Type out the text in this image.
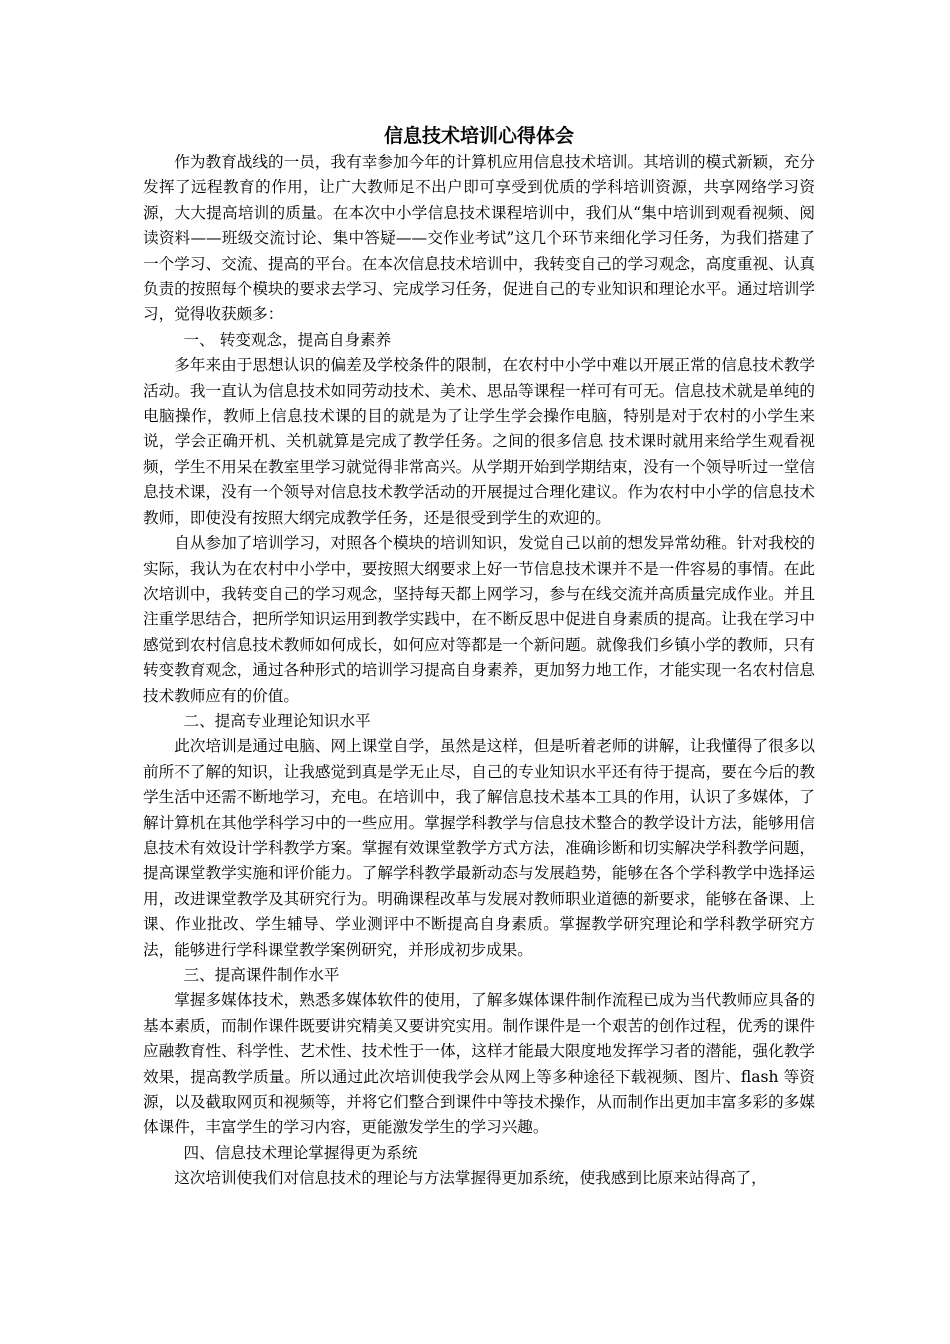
信息技术培训心得体会

作为教育战线的一员，我有幸参加今年的计算机应用信息技术培训。其培训的模式新颖，充分发挥了远程教育的作用，让广大教师足不出户即可享受到优质的学科培训资源，共享网络学习资源，大大提高培训的质量。在本次中小学信息技术课程培训中，我们从“集中培训到观看视频、阅读资料——班级交流讨论、集中答疑——交作业考试”这几个环节来细化学习任务，为我们搭建了一个学习、交流、提高的平台。在本次信息技术培训中，我转变自己的学习观念，高度重视、认真负责的按照每个模块的要求去学习、完成学习任务，促进自己的专业知识和理论水平。通过培训学习，觉得收获颇多：

一、 转变观念，提高自身素养

多年来由于思想认识的偏差及学校条件的限制，在农村中小学中难以开展正常的信息技术教学活动。我一直认为信息技术如同劳动技术、美术、思品等课程一样可有可无。信息技术就是单纯的电脑操作，教师上信息技术课的目的就是为了让学生学会操作电脑，特别是对于农村的小学生来说，学会正确开机、关机就算是完成了教学任务。之间的很多信息 技术课时就用来给学生观看视频，学生不用呆在教室里学习就觉得非常高兴。从学期开始到学期结束，没有一个领导听过一堂信息技术课，没有一个领导对信息技术教学活动的开展提过合理化建议。作为农村中小学的信息技术教师，即使没有按照大纲完成教学任务，还是很受到学生的欢迎的。

自从参加了培训学习，对照各个模块的培训知识，发觉自己以前的想发异常幼稚。针对我校的实际，我认为在农村中小学中，要按照大纲要求上好一节信息技术课并不是一件容易的事情。在此次培训中，我转变自己的学习观念，坚持每天都上网学习，参与在线交流并高质量完成作业。并且注重学思结合，把所学知识运用到教学实践中，在不断反思中促进自身素质的提高。让我在学习中感觉到农村信息技术教师如何成长，如何应对等都是一个新问题。就像我们乡镇小学的教师，只有转变教育观念，通过各种形式的培训学习提高自身素养，更加努力地工作，才能实现一名农村信息技术教师应有的价值。

二、提高专业理论知识水平

此次培训是通过电脑、网上课堂自学，虽然是这样，但是听着老师的讲解，让我懂得了很多以前所不了解的知识，让我感觉到真是学无止尽，自己的专业知识水平还有待于提高，要在今后的教学生活中还需不断地学习，充电。在培训中，我了解信息技术基本工具的作用，认识了多媒体，了解计算机在其他学科学习中的一些应用。掌握学科教学与信息技术整合的教学设计方法，能够用信息技术有效设计学科教学方案。掌握有效课堂教学方式方法，准确诊断和切实解决学科教学问题，提高课堂教学实施和评价能力。了解学科教学最新动态与发展趋势，能够在各个学科教学中选择运用，改进课堂教学及其研究行为。明确课程改革与发展对教师职业道德的新要求，能够在备课、上课、作业批改、学生辅导、学业测评中不断提高自身素质。掌握教学研究理论和学科教学研究方法，能够进行学科课堂教学案例研究，并形成初步成果。

三、提高课件制作水平

掌握多媒体技术，熟悉多媒体软件的使用，了解多媒体课件制作流程已成为当代教师应具备的基本素质，而制作课件既要讲究精美又要讲究实用。制作课件是一个艰苦的创作过程，优秀的课件应融教育性、科学性、艺术性、技术性于一体，这样才能最大限度地发挥学习者的潜能，强化教学效果，提高教学质量。所以通过此次培训使我学会从网上等多种途径下载视频、图片、flash 等资源，以及截取网页和视频等，并将它们整合到课件中等技术操作，从而制作出更加丰富多彩的多媒体课件，丰富学生的学习内容，更能激发学生的学习兴趣。

四、信息技术理论掌握得更为系统

这次培训使我们对信息技术的理论与方法掌握得更加系统，使我感到比原来站得高了，
